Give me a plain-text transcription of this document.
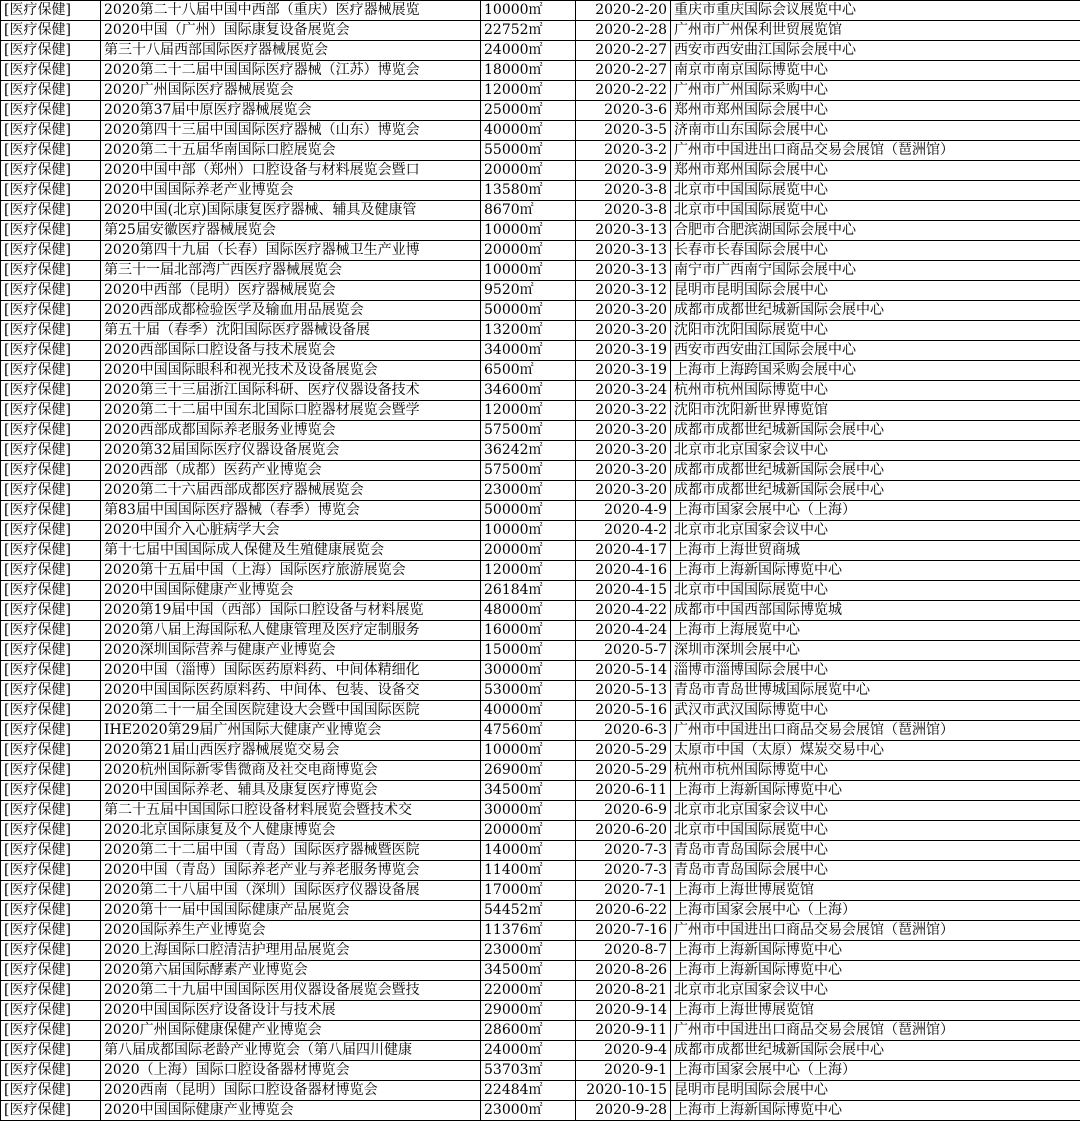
[医疗保健]	2020第二十八届中国中西部（重庆）医疗器械展览	10000㎡	2020-2-20	重庆市重庆国际会议展览中心
[医疗保健]	2020中国（广州）国际康复设备展览会	22752㎡	2020-2-28	广州市广州保利世贸展览馆
[医疗保健]	第三十八届西部国际医疗器械展览会	24000㎡	2020-2-27	西安市西安曲江国际会展中心
[医疗保健]	2020第二十二届中国国际医疗器械（江苏）博览会	18000㎡	2020-2-27	南京市南京国际博览中心
[医疗保健]	2020广州国际医疗器械展览会	12000㎡	2020-2-22	广州市广州国际采购中心
[医疗保健]	2020第37届中原医疗器械展览会	25000㎡	2020-3-6	郑州市郑州国际会展中心
[医疗保健]	2020第四十三届中国国际医疗器械（山东）博览会	40000㎡	2020-3-5	济南市山东国际会展中心
[医疗保健]	2020第二十五届华南国际口腔展览会	55000㎡	2020-3-2	广州市中国进出口商品交易会展馆（琶洲馆）
[医疗保健]	2020中国中部（郑州）口腔设备与材料展览会暨口	20000㎡	2020-3-9	郑州市郑州国际会展中心
[医疗保健]	2020中国国际养老产业博览会	13580㎡	2020-3-8	北京市中国国际展览中心
[医疗保健]	2020中国(北京)国际康复医疗器械、辅具及健康管	8670㎡	2020-3-8	北京市中国国际展览中心
[医疗保健]	第25届安徽医疗器械展览会	10000㎡	2020-3-13	合肥市合肥滨湖国际会展中心
[医疗保健]	2020第四十九届（长春）国际医疗器械卫生产业博	20000㎡	2020-3-13	长春市长春国际会展中心
[医疗保健]	第三十一届北部湾广西医疗器械展览会	10000㎡	2020-3-13	南宁市广西南宁国际会展中心
[医疗保健]	2020中西部（昆明）医疗器械展览会	9520㎡	2020-3-12	昆明市昆明国际会展中心
[医疗保健]	2020西部成都检验医学及输血用品展览会	50000㎡	2020-3-20	成都市成都世纪城新国际会展中心
[医疗保健]	第五十届（春季）沈阳国际医疗器械设备展	13200㎡	2020-3-20	沈阳市沈阳国际展览中心
[医疗保健]	2020西部国际口腔设备与技术展览会	34000㎡	2020-3-19	西安市西安曲江国际会展中心
[医疗保健]	2020中国国际眼科和视光技术及设备展览会	6500㎡	2020-3-19	上海市上海跨国采购会展中心
[医疗保健]	2020第三十三届浙江国际科研、医疗仪器设备技术	34600㎡	2020-3-24	杭州市杭州国际博览中心
[医疗保健]	2020第二十二届中国东北国际口腔器材展览会暨学	12000㎡	2020-3-22	沈阳市沈阳新世界博览馆
[医疗保健]	2020西部成都国际养老服务业博览会	57500㎡	2020-3-20	成都市成都世纪城新国际会展中心
[医疗保健]	2020第32届国际医疗仪器设备展览会	36242㎡	2020-3-20	北京市北京国家会议中心
[医疗保健]	2020西部（成都）医药产业博览会	57500㎡	2020-3-20	成都市成都世纪城新国际会展中心
[医疗保健]	2020第二十六届西部成都医疗器械展览会	23000㎡	2020-3-20	成都市成都世纪城新国际会展中心
[医疗保健]	第83届中国国际医疗器械（春季）博览会	50000㎡	2020-4-9	上海市国家会展中心（上海）
[医疗保健]	2020中国介入心脏病学大会	10000㎡	2020-4-2	北京市北京国家会议中心
[医疗保健]	第十七届中国国际成人保健及生殖健康展览会	20000㎡	2020-4-17	上海市上海世贸商城
[医疗保健]	2020第十五届中国（上海）国际医疗旅游展览会	12000㎡	2020-4-16	上海市上海新国际博览中心
[医疗保健]	2020中国国际健康产业博览会	26184㎡	2020-4-15	北京市中国国际展览中心
[医疗保健]	2020第19届中国（西部）国际口腔设备与材料展览	48000㎡	2020-4-22	成都市中国西部国际博览城
[医疗保健]	2020第八届上海国际私人健康管理及医疗定制服务	16000㎡	2020-4-24	上海市上海展览中心
[医疗保健]	2020深圳国际营养与健康产业博览会	15000㎡	2020-5-7	深圳市深圳会展中心
[医疗保健]	2020中国（淄博）国际医药原料药、中间体精细化	30000㎡	2020-5-14	淄博市淄博国际会展中心
[医疗保健]	2020中国国际医药原料药、中间体、包装、设备交	53000㎡	2020-5-13	青岛市青岛世博城国际展览中心
[医疗保健]	2020第二十一届全国医院建设大会暨中国国际医院	40000㎡	2020-5-16	武汉市武汉国际博览中心
[医疗保健]	IHE2020第29届广州国际大健康产业博览会	47560㎡	2020-6-3	广州市中国进出口商品交易会展馆（琶洲馆）
[医疗保健]	2020第21届山西医疗器械展览交易会	10000㎡	2020-5-29	太原市中国（太原）煤炭交易中心
[医疗保健]	2020杭州国际新零售微商及社交电商博览会	26900㎡	2020-5-29	杭州市杭州国际博览中心
[医疗保健]	2020中国国际养老、辅具及康复医疗博览会	34500㎡	2020-6-11	上海市上海新国际博览中心
[医疗保健]	第二十五届中国国际口腔设备材料展览会暨技术交	30000㎡	2020-6-9	北京市北京国家会议中心
[医疗保健]	2020北京国际康复及个人健康博览会	20000㎡	2020-6-20	北京市中国国际展览中心
[医疗保健]	2020第二十二届中国（青岛）国际医疗器械暨医院	14000㎡	2020-7-3	青岛市青岛国际会展中心
[医疗保健]	2020中国（青岛）国际养老产业与养老服务博览会	11400㎡	2020-7-3	青岛市青岛国际会展中心
[医疗保健]	2020第二十八届中国（深圳）国际医疗仪器设备展	17000㎡	2020-7-1	上海市上海世博展览馆
[医疗保健]	2020第十一届中国国际健康产品展览会	54452㎡	2020-6-22	上海市国家会展中心（上海）
[医疗保健]	2020国际养生产业博览会	11376㎡	2020-7-16	广州市中国进出口商品交易会展馆（琶洲馆）
[医疗保健]	2020上海国际口腔清洁护理用品展览会	23000㎡	2020-8-7	上海市上海新国际博览中心
[医疗保健]	2020第六届国际酵素产业博览会	34500㎡	2020-8-26	上海市上海新国际博览中心
[医疗保健]	2020第二十九届中国国际医用仪器设备展览会暨技	22000㎡	2020-8-21	北京市北京国家会议中心
[医疗保健]	2020中国国际医疗设备设计与技术展	29000㎡	2020-9-14	上海市上海世博展览馆
[医疗保健]	2020广州国际健康保健产业博览会	28600㎡	2020-9-11	广州市中国进出口商品交易会展馆（琶洲馆）
[医疗保健]	第八届成都国际老龄产业博览会（第八届四川健康	24000㎡	2020-9-4	成都市成都世纪城新国际会展中心
[医疗保健]	2020（上海）国际口腔设备器材博览会	53703㎡	2020-9-1	上海市国家会展中心（上海）
[医疗保健]	2020西南（昆明）国际口腔设备器材博览会	22484㎡	2020-10-15	昆明市昆明国际会展中心
[医疗保健]	2020中国国际健康产业博览会	23000㎡	2020-9-28	上海市上海新国际博览中心
